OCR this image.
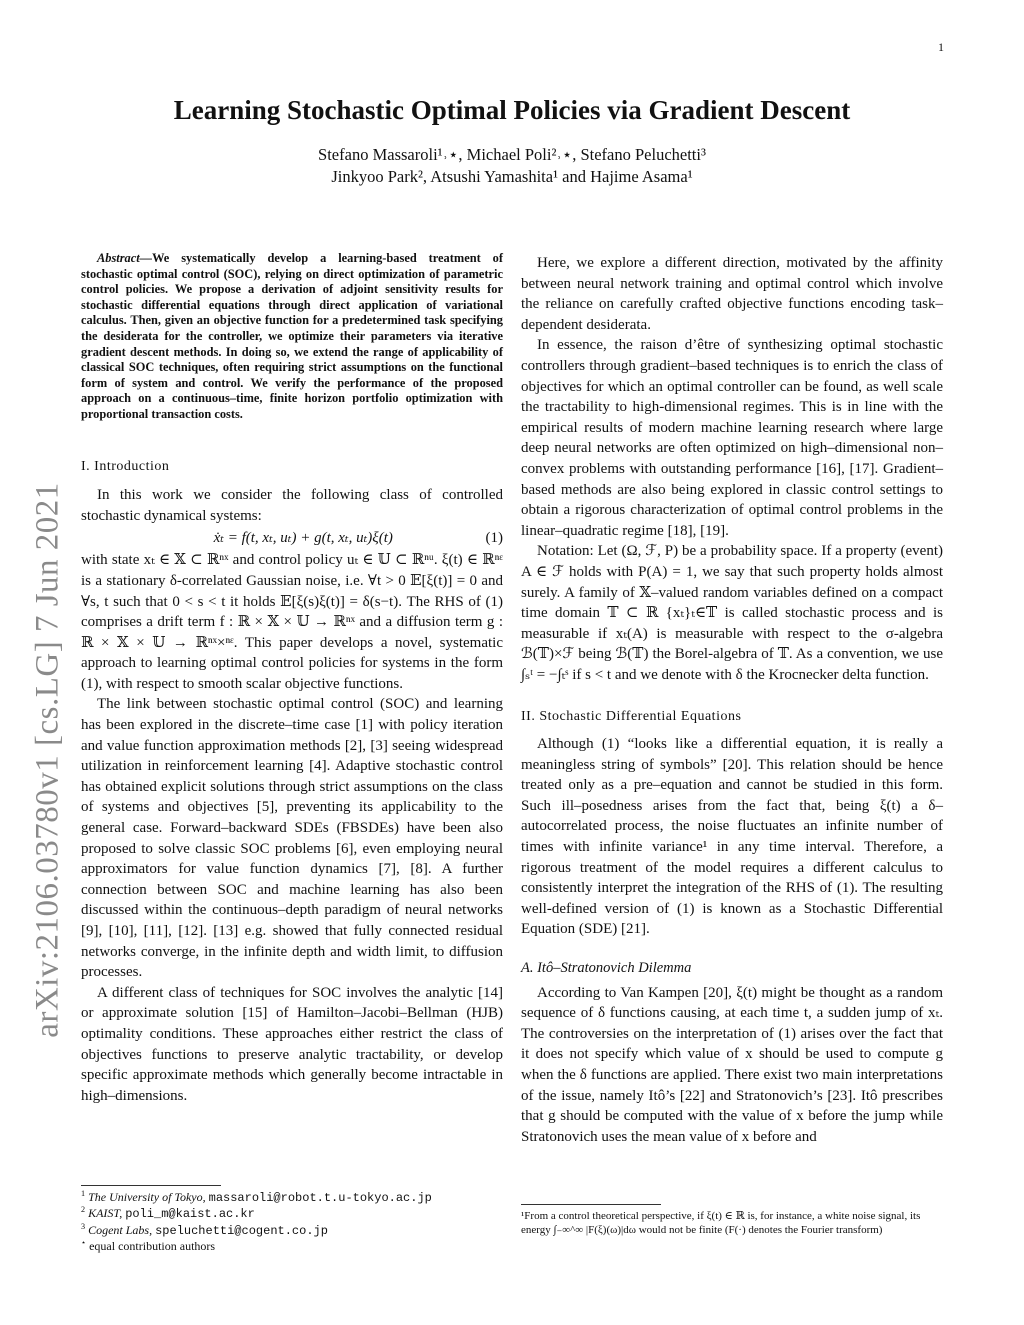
1
arXiv:2106.03780v1 [cs.LG] 7 Jun 2021
Learning Stochastic Optimal Policies via Gradient Descent
Stefano Massaroli¹˒⋆, Michael Poli²˒⋆, Stefano Peluchetti³
Jinkyoo Park², Atsushi Yamashita¹ and Hajime Asama¹

Abstract—We systematically develop a learning-based treatment of stochastic optimal control (SOC), relying on direct optimization of parametric control policies. We propose a derivation of adjoint sensitivity results for stochastic differential equations through direct application of variational calculus. Then, given an objective function for a predetermined task specifying the desiderata for the controller, we optimize their parameters via iterative gradient descent methods. In doing so, we extend the range of applicability of classical SOC techniques, often requiring strict assumptions on the functional form of system and control. We verify the performance of the proposed approach on a continuous–time, finite horizon portfolio optimization with proportional transaction costs.

I. Introduction

In this work we consider the following class of controlled stochastic dynamical systems:

ẋₜ = f(t, xₜ, uₜ) + g(t, xₜ, uₜ)ξ(t)	(1)

with state xₜ ∈ 𝕏 ⊂ ℝⁿˣ and control policy uₜ ∈ 𝕌 ⊂ ℝⁿᵘ. ξ(t) ∈ ℝⁿᵋ is a stationary δ-correlated Gaussian noise, i.e. ∀t > 0 𝔼[ξ(t)] = 0 and ∀s, t such that 0 < s < t it holds 𝔼[ξ(s)ξ(t)] = δ(s−t). The RHS of (1) comprises a drift term f : ℝ × 𝕏 × 𝕌 → ℝⁿˣ and a diffusion term g : ℝ × 𝕏 × 𝕌 → ℝⁿˣ×ⁿᵋ. This paper develops a novel, systematic approach to learning optimal control policies for systems in the form (1), with respect to smooth scalar objective functions.

The link between stochastic optimal control (SOC) and learning has been explored in the discrete–time case [1] with policy iteration and value function approximation methods [2], [3] seeing widespread utilization in reinforcement learning [4]. Adaptive stochastic control has obtained explicit solutions through strict assumptions on the class of systems and objectives [5], preventing its applicability to the general case. Forward–backward SDEs (FBSDEs) have been also proposed to solve classic SOC problems [6], even employing neural approximators for value function dynamics [7], [8]. A further connection between SOC and machine learning has also been discussed within the continuous–depth paradigm of neural networks [9], [10], [11], [12]. [13] e.g. showed that fully connected residual networks converge, in the infinite depth and width limit, to diffusion processes.

A different class of techniques for SOC involves the analytic [14] or approximate solution [15] of Hamilton–Jacobi–Bellman (HJB) optimality conditions. These approaches either restrict the class of objectives functions to preserve analytic tractability, or develop specific approximate methods which generally become intractable in high–dimensions.

$^1$ The University of Tokyo, massaroli@robot.t.u-tokyo.ac.jp
$^2$ KAIST, poli_m@kaist.ac.kr
$^3$ Cogent Labs, speluchetti@cogent.co.jp
⋆ equal contribution authors

Here, we explore a different direction, motivated by the affinity between neural network training and optimal control which involve the reliance on carefully crafted objective functions encoding task–dependent desiderata.

In essence, the raison d’être of synthesizing optimal stochastic controllers through gradient–based techniques is to enrich the class of objectives for which an optimal controller can be found, as well scale the tractability to high-dimensional regimes. This is in line with the empirical results of modern machine learning research where large deep neural networks are often optimized on high–dimensional non–convex problems with outstanding performance [16], [17]. Gradient–based methods are also being explored in classic control settings to obtain a rigorous characterization of optimal control problems in the linear–quadratic regime [18], [19].

Notation: Let (Ω, ℱ, P) be a probability space. If a property (event) A ∈ ℱ holds with P(A) = 1, we say that such property holds almost surely. A family of 𝕏–valued random variables defined on a compact time domain 𝕋 ⊂ ℝ {xₜ}ₜ∈𝕋 is called stochastic process and is measurable if xₜ(A) is measurable with respect to the σ-algebra ℬ(𝕋)×ℱ being ℬ(𝕋) the Borel-algebra of 𝕋. As a convention, we use ∫ₛᵗ = −∫ₜˢ if s < t and we denote with δ the Krocnecker delta function.

II. Stochastic Differential Equations

Although (1) “looks like a differential equation, it is really a meaningless string of symbols” [20]. This relation should be hence treated only as a pre–equation and cannot be studied in this form. Such ill–posedness arises from the fact that, being ξ(t) a δ–autocorrelated process, the noise fluctuates an infinite number of times with infinite variance¹ in any time interval. Therefore, a rigorous treatment of the model requires a different calculus to consistently interpret the integration of the RHS of (1). The resulting well-defined version of (1) is known as a Stochastic Differential Equation (SDE) [21].

A. Itô–Stratonovich Dilemma

According to Van Kampen [20], ξ(t) might be thought as a random sequence of δ functions causing, at each time t, a sudden jump of xₜ. The controversies on the interpretation of (1) arises over the fact that it does not specify which value of x should be used to compute g when the δ functions are applied. There exist two main interpretations of the issue, namely Itô’s [22] and Stratonovich’s [23]. Itô prescribes that g should be computed with the value of x before the jump while Stratonovich uses the mean value of x before and

¹From a control theoretical perspective, if ξ(t) ∈ ℝ is, for instance, a white noise signal, its energy ∫₋∞^∞ |F(ξ)(ω)|dω would not be finite (F(·) denotes the Fourier transform)
